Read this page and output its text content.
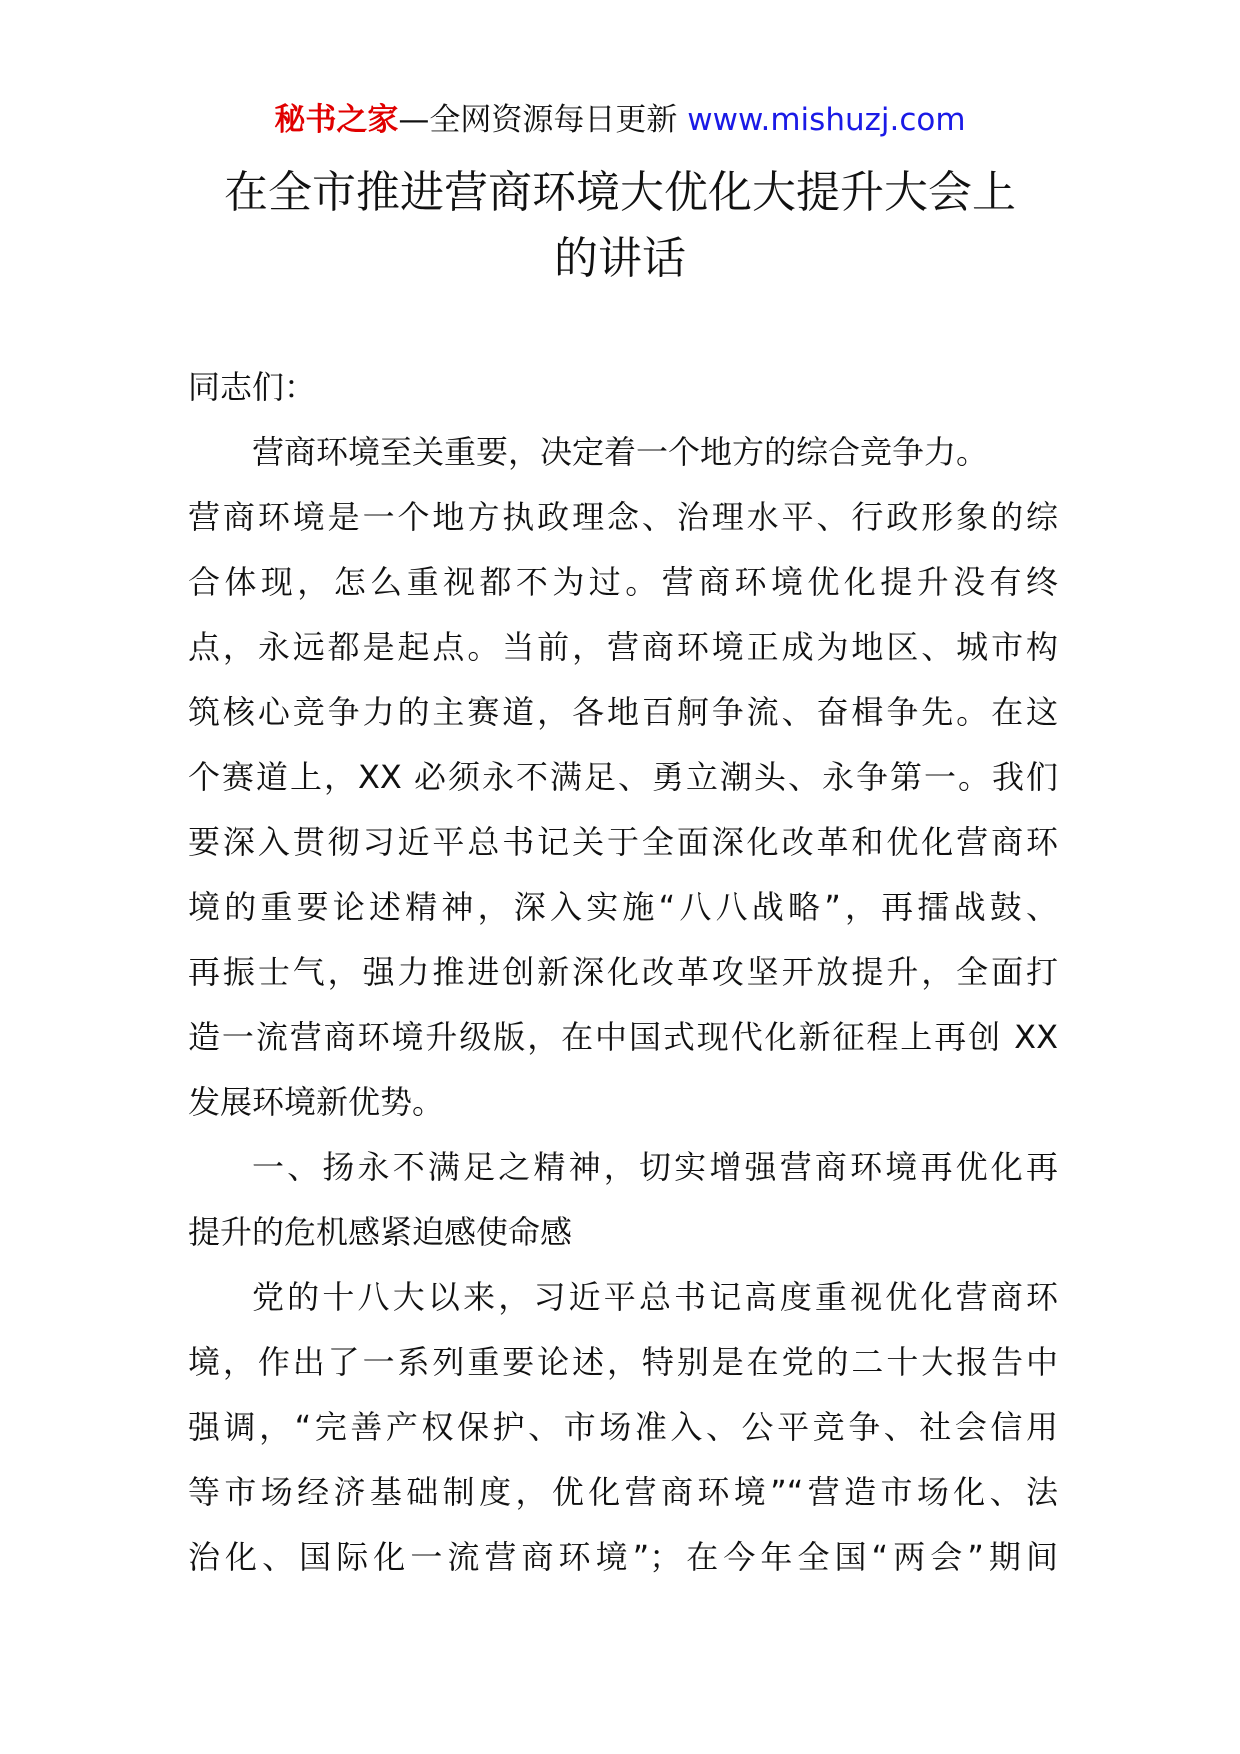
秘书之家—全网资源每日更新 www.mishuzj.com
在全市推进营商环境大优化大提升大会上
的讲话
同志们：
营商环境至关重要，决定着一个地方的综合竞争力。
营商环境是一个地方执政理念、治理水平、行政形象的综
合体现，怎么重视都不为过。营商环境优化提升没有终
点，永远都是起点。当前，营商环境正成为地区、城市构
筑核心竞争力的主赛道，各地百舸争流、奋楫争先。在这
个赛道上，XX 必须永不满足、勇立潮头、永争第一。我们
要深入贯彻习近平总书记关于全面深化改革和优化营商环
境的重要论述精神，深入实施“八八战略”，再擂战鼓、
再振士气，强力推进创新深化改革攻坚开放提升，全面打
造一流营商环境升级版，在中国式现代化新征程上再创 XX
发展环境新优势。
一、扬永不满足之精神，切实增强营商环境再优化再
提升的危机感紧迫感使命感
党的十八大以来，习近平总书记高度重视优化营商环
境，作出了一系列重要论述，特别是在党的二十大报告中
强调，“完善产权保护、市场准入、公平竞争、社会信用
等市场经济基础制度，优化营商环境”“营造市场化、法
治化、国际化一流营商环境”；在今年全国“两会”期间
